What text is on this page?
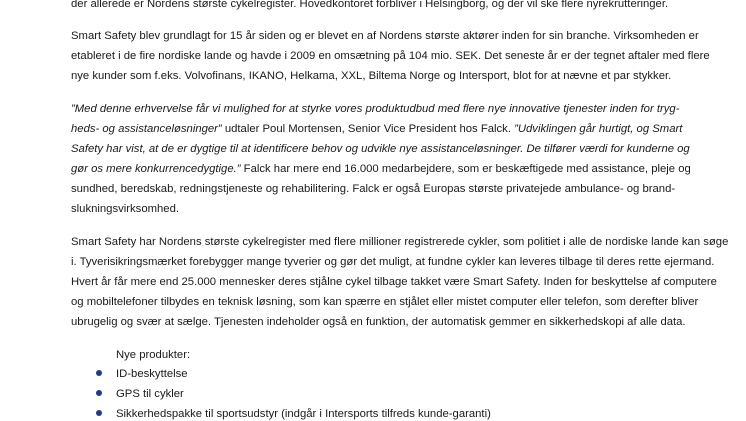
der allerede er Nordens største cykelregister. Hovedkontoret forbliver i Helsingborg, og der vil ske flere nyrekrutteringer.
Smart Safety blev grundlagt for 15 år siden og er blevet en af Nordens største aktører inden for sin branche. Virksomheden er
etableret i de fire nordiske lande og havde i 2009 en omsætning på 104 mio. SEK. Det seneste år er der tegnet aftaler med flere
nye kunder som f.eks. Volvofinans, IKANO, Helkama, XXL, Biltema Norge og Intersport, blot for at nævne et par stykker.
”Med denne erhvervelse får vi mulighed for at styrke vores produktudbud med flere nye innovative tjenester inden for tryg-
heds- og assistanceløsninger” udtaler Poul Mortensen, Senior Vice President hos Falck. ”Udviklingen går hurtigt, og Smart
Safety har vist, at de er dygtige til at identificere behov og udvikle nye assistanceløsninger. De tilfører værdi for kunderne og
gør os mere konkurrencedygtige.” Falck har mere end 16.000 medarbejdere, som er beskæftigede med assistance, pleje og
sundhed, beredskab, redningstjeneste og rehabilitering. Falck er også Europas største privatejede ambulance- og brand-
slukningsvirksomhed.
Smart Safety har Nordens største cykelregister med flere millioner registrerede cykler, som politiet i alle de nordiske lande kan søge
i. Tyverisikringsmærket forebygger mange tyverier og gør det muligt, at fundne cykler kan leveres tilbage til deres rette ejermand.
Hvert år får mere end 25.000 mennesker deres stjålne cykel tilbage takket være Smart Safety. Inden for beskyttelse af computere
og mobiltelefoner tilbydes en teknisk løsning, som kan spærre en stjålet eller mistet computer eller telefon, som derefter bliver
ubrugelig og svær at sælge. Tjenesten indeholder også en funktion, der automatisk gemmer en sikkerhedskopi af alle data.
Nye produkter:
ID-beskyttelse
GPS til cykler
Sikkerhedspakke til sportsudstyr (indgår i Intersports tilfreds kunde-garanti)
